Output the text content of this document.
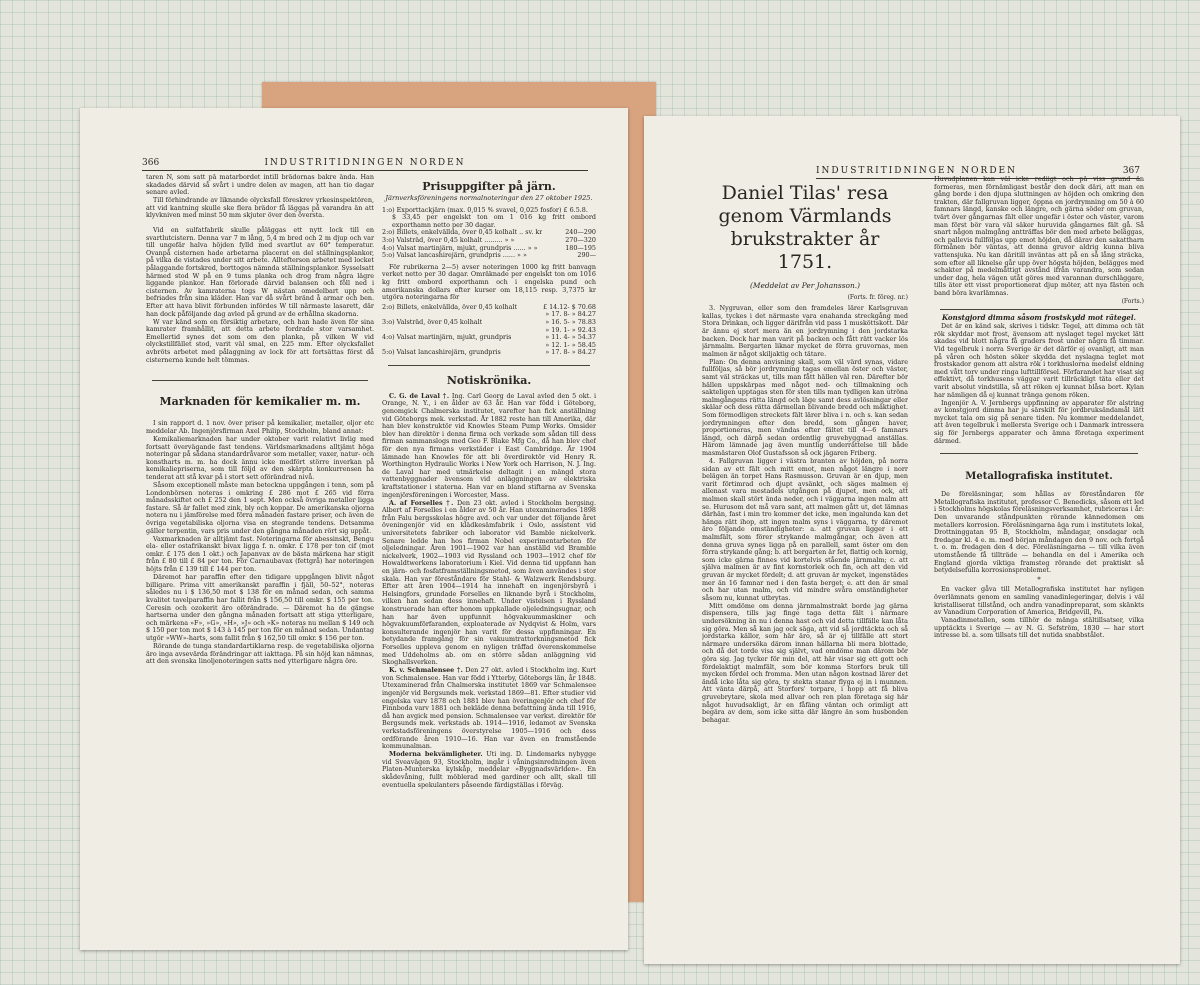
366	INDUSTRITIDNINGEN NORDEN

taren N, som satt på matarbordet intill brädornas bakre ända. Han skadades därvid så svårt i undre delen av magen, att han tio dagar senare avled.

Till förhindrande av liknande olycksfall föreskrev yrkesinspektören, att vid kantning skulle ske flera brädor få läggas på varandra än att klyvkniven med minst 50 mm skjuter över den översta.

Vid en sulfatfabrik skulle påläggas ett nytt lock till en svartlutcistern. Denna var 7 m lång, 5,4 m bred och 2 m djup och var till ungefär halva höjden fylld med svartlut av 60° temperatur. Ovanpå cisternen hade arbetarna placerat en del ställningsplankor, på vilka de vistades under sitt arbete. Alltefterson arbetet med locket pålaggande fortskred, borttogos nämnda ställningsplankor. Sysselsatt härmed stod W på en 9 tums planka och drog fram några lägre liggande plankor. Han förlorade därvid balansen och föll ned i cisternen. Av kamraterna togs W nästan omedelbart upp och befriades från sina kläder. Han var då svårt bränd å armar och ben. Efter att hava blivit förbunden infördes W till närmaste lasarett, där han dock påföljande dag avled på grund av de erhållna skadorna.

W var känd som en försiktig arbetare, och han hade även för sina kamrater framhållit, att detta arbete fordrade stor varsamhet. Emellertid synes det som om den planka, på vilken W vid olyckstillfället stod, varit väl smal, en 225 mm. Efter olycksfallet avbröts arbetet med pålaggning av lock för att fortsättas först då cisternerna kunde helt tömmas.

Marknaden för kemikalier m. m.

I sin rapport d. 1 nov. över priser på kemikalier, metaller, oljor etc meddelar Ab. Ingenjörsfirman Axel Philip, Stockholm, bland annat:

Kemikaliemarknaden har under oktober varit relativt livlig med fortsatt övervägande fast tendens. Världsmarknadens alltjämt höga noteringar på sådana standardråvaror som metaller, vaxer, natur- och konstharts m. m. ha dock ännu icke medfört större inverkan på kemikaliepriserna, som till följd av den skärpta konkurrensen ha tenderat att stå kvar på i stort sett oförändrad nivå.

Såsom exceptionell måste man beteckna uppgången i tenn, som på Londonbörsen noteras i omkring £ 286 mot £ 265 vid förra månadsskiftet och £ 252 den 1 sept. Men också övriga metaller ligga fastare. Så är fallet med zink, bly och koppar. De amerikanska oljorna notera nu i jämförelse med förra månaden fastare priser, och även de övriga vegetabiliska oljorna visa en stegrande tendens. Detsamma gäller terpentin, vars pris under den gångna månaden rört sig uppåt.

Vaxmarknaden är alltjämt fast. Noteringarna för abessinskt, Bengu ela- eller ostafrikanskt bivax ligga f. n. omkr. £ 178 per ton cif (mot omkr. £ 175 den 1 okt.) och Japanvax av de bästa märkena har stigit från £ 80 till £ 84 per ton. För Carnaubavax (fettgrå) har noteringen höjts från £ 139 till £ 144 per ton.

Däremot har paraffin efter den tidigare uppgången blivit något billigare. Prima vitt amerikanskt paraffin i fjäll, 50–52°, noteras således nu i $ 136,50 mot $ 138 för en månad sedan, och samma kvalitet tavelparaffin har fallit från $ 156,50 till omkr. $ 155 per ton. Ceresin och ozokerit äro oförändrade. — Däremot ha de gängse hartserna under den gångna månaden fortsatt att stiga ytterligare, och märkena »F», »G», »H», »J» och »K» noteras nu mellan $ 149 och $ 150 per ton mot $ 143 à 145 per ton för en månad sedan. Undantag utgör »WW»-harts, som fallit från $ 162,50 till omkr. $ 156 per ton.

Rörande de tunga standardartiklarna resp. de vegetabiliska oljorna äro inga avsevärda förändringar att iakttaga. På sin höjd kan nämnas, att den svenska linoljenoteringen satts ned ytterligare några öre.

Prisuppgifter på järn.
Järnverksföreningens normalnoteringar den 27 oktober 1925.
1:o) Exporttackjärn (max. 0,015 % svavel, 0,025 fosfor) £ 6.5.8.
$ 33,45 per engelskt ton om 1 016 kg fritt ombord exporthamn netto per 30 dagar.
2:o) Billets, enkelvällda, över 0,45 kolhalt .. sv. kr	240—290
3:o) Valsträd, över 0,45 kolhalt ......... » »	270—320
4:o) Valsat martinjärn, mjukt, grundpris ...... » »	180—195
5:o) Valsat lancashirejärn, grundpris ...... » »	290—

För rubrikerna 2—5) avser noteringen 1000 kg fritt banvagn verket netto per 30 dagar. Omräknade per engelskt ton om 1016 kg fritt ombord exporthamn och i engelska pund och amerikanska dollars efter kurser om 18,115 resp. 3,7375 kr utgöra noteringarna för

2:o) Billets, enkelvällda, över 0,45 kolhalt	£ 14.12- $ 70.68
» 17. 8- » 84.27
3:o) Valsträd, över 0,45 kolhalt	» 16. 5- » 78.83
» 19. 1- » 92.43
4:o) Valsat martinjärn, mjukt, grundpris	» 11. 4- » 54.37
» 12. 1- » 58.45
5:o) Valsat lancashirejärn, grundpris	» 17. 8- » 84.27
Notiskrönika.

C. G. de Laval †. Ing. Carl Georg de Laval avled den 5 okt. i Orange, N. Y., i en ålder av 63 år. Han var född i Göteborg, genomgick Chalmerska institutet, varefter han fick anställning vid Göteborgs mek. verkstad. År 1882 reste han till Amerika, där han blev konstruktör vid Knowles Steam Pump Works. Omsider blev han direktör i denna firma och verkade som sådan till dess firman sammanslogs med Geo F. Blake Mfg Co., då han blev chef för den nya firmans verkstäder i East Cambridge. År 1904 lämnade han Knowles för att bli överdirektör vid Henry R. Worthington Hydraulic Works i New York och Harrison, N. J. Ing. de Laval har med utmärkelse deltagit i en mängd stora vattenbyggnader ävensom vid anläggningen av elektriska kraftstationer i staterna. Han var en bland stiftarna av Svenska ingenjörsföreningen i Worcester, Mass.

A. af Forselles †. Den 23 okt. avled i Stockholm bergsing. Albert af Forselles i en ålder av 50 år. Han utexaminerades 1898 från Falu bergsskolas högre avd. och var under det följande året öveningenjör vid en klädkesämfabrik i Oslo, assistent vid universitetets fabriker och laborator vid Bamble nickelverk. Senare ledde han hos firman Nobel experimentarbeten för oljeledningar. Åren 1901—1902 var han anställd vid Bramble nickelverk, 1902—1903 vid Ryssland och 1903—1912 chef för Howaldtwerkens laboratorium i Kiel. Vid denna tid uppfann han en järn- och fosfatframställningsmetod, som även användes i stor skala. Han var föreståndare för Stahl- & Walzwerk Rendsburg. Efter att åren 1904—1914 ha innehaft en ingenjörsbyrå i Helsingfors, grundade Forselles en liknande byrå i Stockholm, vilken han sedan dess innehaft. Under vistelsen i Ryssland konstruerade han efter honom uppkallade oljeledningsugnar, och han har även uppfunnit högvakuummaskiner och högvakuumförfaranden, exploaterade av Nydqvist & Holm, vars konsulterande ingenjör han varit för dessa uppfinningar. En betydande framgång för sin vakuumtrattorkningsmetod fick Forselles uppleva genom en nyligen träffad överenskommelse med Uddeholms ab. om en större sådan anläggning vid Skoghallsverken.

K. v. Schmalensee †. Den 27 okt. avled i Stockholm ing. Kurt von Schmalensee. Han var född i Ytterby, Göteborgs län, år 1848. Utexaminerad från Chalmerska institutet 1869 var Schmalensee ingenjör vid Bergsunds mek. verkstad 1869—81. Efter studier vid engelska varv 1878 och 1881 blev han överingenjör och chef för Finnboda varv 1881 och bekläde denna befattning ända till 1916, då han avgick med pension. Schmalensee var verkst. direktör för Bergsunds mek. verkstads ab. 1914—1916, ledamot av Svenska verkstadsföreningens överstyrelse 1905—1916 och dess ordförande åren 1910—16. Han var även en framstående kommunalman.

Moderna bekvämligheter. Uti ing. D. Lindemarks nybygge vid Sveavägen 93, Stockholm, ingår i våningsinredningen även Platen-Munterska kylskåp, meddelar »Byggnadsvärlden». En skådevåning, fullt möblerad med gardiner och allt, skall till eventuella spekulanters påseende färdigställas i förväg.

INDUSTRITIDNINGEN NORDEN	367
Daniel Tilas' resa genom Värmlands brukstrakter år 1751.
(Meddelat av Per Johansson.)
(Forts. fr. föreg. nr.)

3. Nygruvan, eller som den framdeles lärer Karlsgruvan kallas, tyckes i det närmaste vara enahanda streckgång med Stora Drinkan, och ligger därifrån vid pass 1 musköttskott. Där är ännu ej stort mera än en jordrymning i den jordstarka backen. Dock har man varit på backen och fått rätt vacker lös järnmalm. Bergarten liknar mycket de förra gruvornas, men malmen är något skiljaktig och tätare.

Plan: On denna anvisning skall, som väl värd synas, vidare fullföljas, så bör jordrymning tagas emellan öster och väster, samt väl sträckas ut, tills man fått hällen väl ren. Därefter bör hällen uppskärpas med något ned- och tillmakning och sakteligen upptagas sten för sten tills man tydligen kan utröna malmgångens rätta längd och läge samt dess avlösningar eller skälar och dess rätta därmellan blivande bredd och mäktighet. Som förmodligen streckets fält lärer bliva i n. och s. kan sedan jordrymningen efter den bredd, som gången haver, proportioneras, men vändas efter fältet till 4—6 famnars längd, och därpå sedan ordentlig gruvebyggnad anställas. Härom lämnade jag även muntlig underrättelse till både masmästaren Olof Gustafsson så ock jägaren Friberg.

4. Fallgruvan ligger i västra branten av höjden, på norra sidan av ett fält och mitt emot, men något längre i norr belägen än torpet Hans Rasmusson. Gruvan är en djup, men varit förtimrad och djupt avsänkt, och säges malmen ej allenast vara mestadels utgången på djupet, men ock, att malmen skall stört ända neder, och i väggarna ingen malm att se. Hurusom det må vara sant, att malmen gått ut, det lämnas därhän, fast i min tro kommer det icke, men ingalunda kan det hänga rätt ihop, att ingen malm syns i väggarna, ty däremot äro följande omständigheter: a. att gruvan ligger i ett malmfält, som förer strykande malmgångar, och även att denna gruva synes ligga på en parallell, samt öster om den förra strykande gång; b. att bergarten är fet, flattig och kornig, som icke gärna finnes vid kortelvis stående järnmalm; c. att själva malmen är av fint kornstorlek och fin, och att den vid gruvan är mycket fördelt; d. att gruvan är mycket, ingenstädes mer än 16 famnar ned i den fasta berget; e. att den är smal och har utan malm, och vid mindre svåra omständigheter såsom nu, kunnat utbrytas.

Mitt omdöme om denna järnmalmstrakt borde jag gärna dispensera, tills jag finge taga detta fält i närmare undersökning än nu i denna hast och vid detta tillfälle kan låta sig göra. Men så kan jag ock säga, att vid så jordtäckta och så jordstarka källor, som här äro, så är ej tillfälle att stort närmare undersöka därom innan hällarna bli mera blottade, och då det torde visa sig självt, vad omdöme man därom bör göra sig. Jag tycker för min del, att här visar sig ett gott och fördelaktigt malmfält, som bör komma Storfors bruk till mycken fördel och fromma. Men utan någon kostnad lärer det ändå icke låta sig göra, ty stekta stanar flyga ej in i munnen. Att vänta därpå, att Storfors' torpare, i hopp att få bliva gruvebrytare, skola med allvar och ren plan företaga sig här något huvudsakligt, är en fåfäng väntan och orimligt att begära av dem, som icke sitta där längre än som husbonden behagar.

Huvudplanen kan väl icke rediigt och på viss grund än formeras, men förnämligast består den dock däri, att man en gång borde i den djupa sluttningen av höjden och omkring den trakten, där fallgruvan ligger, öppna en jordrymning om 50 à 60 famnars längd, kanske och längre, och gärna söder om gruvan, tvärt över gångarnas fält eller ungefär i öster och väster, varom man först bör vara väl säker huruvida gångarnes fält gå. Så snart någon malmgång antträffas bör den med arbete beläggas, och pallevis fullföljas upp emot höjden, då därav den sakattharn förmånen bör väntas, att denna gruvor aldrig kunna bliva vattensjuka. Nu kan däritill inväntas att på en så lång sträcka, som efter all liknelse går upp över högsta höjden, belägges med schakter på medelmåttigt avstånd ifrån varandra, som sedan under dag, hela vägen utåt göres med varannan durschläggarе, tills äter ett visst proportionerat djup möter, att nya fästen och band böra kvarlämnas.

(Forts.)
Konstgjord dimma såsom frostskydd mot rätegel.

Det är en känd sak, skrives i tidskr. Tegel, att dimma och tät rök skyddar mot frost, ävensom att nyslaget tegel mycket lätt skadas vid blott några få graders frost under några få timmar. Vid tegelbruk i norra Sverige är det därför ej ovanligt, att man på våren och hösten söker skydda det nyslagna teglet mot frostskador genom att alstra rök i torkhuslorna medelst eldning med vått torv under ringa lufttillförsel. Förfarandet har visat sig effektivt, då torkhusens väggar varit tillräckligt täta eller det varit absolut vindstilla, så att röken ej kunnat blåsa bort. Kylan har nämligen då ej kunnat tränga genom röken.

Ingenjör A. V. Jernbergs uppfinning av apparater för alstring av konstgjord dimma har ju särskilt för jordbruksändamål lätt mycket tala om sig på senare tiden. Nu kommer meddelandet, att även tegelbruk i mellersta Sverige och i Danmark intresserа sig för Jernbergs apparater och ämna företaga experiment därmed.

Metallografiska institutet.

De föreläsningar, som hållas av föreståndaren för Metallografiska institutet, professor C. Benedicks, såsom ett led i Stockholms högskolas föreläsningsverksamhet, rubriceras i år: Den unvarande ståndpunkten rörande kännedomen om metallers korrosion. Föreläsningarna äga rum i institutets lokal, Drottninggatan 95 B, Stockholm, måndagar, onsdagar och fredagar kl. 4 e. m. med början måndagen den 9 nov. och fortgå t. o. m. fredagen den 4 dec. Föreläsningarna — till vilka även utomstående få tillträde — behandla en del i Amerika och England gjorda viktiga framsteg rörande det praktiskt så betydelsefulla korrosionsproblemet.

*

En vacker gåva till Metallografiska institutet har nyligen överlämnats genom en samling vanadinlegeringar, delvis i väl kristalliserat tillstånd, och andra vanadinpreparat, som skänkts av Vanadium Corporation of America, Bridgevill, Pa.

Vanadinmetallen, som tillhör de mänga stältillsatser, vilka upptäckts i Sverige — av N. G. Sefström, 1830 — har stort intresse bl. a. som tillsats till det nutida snabbstålet.
